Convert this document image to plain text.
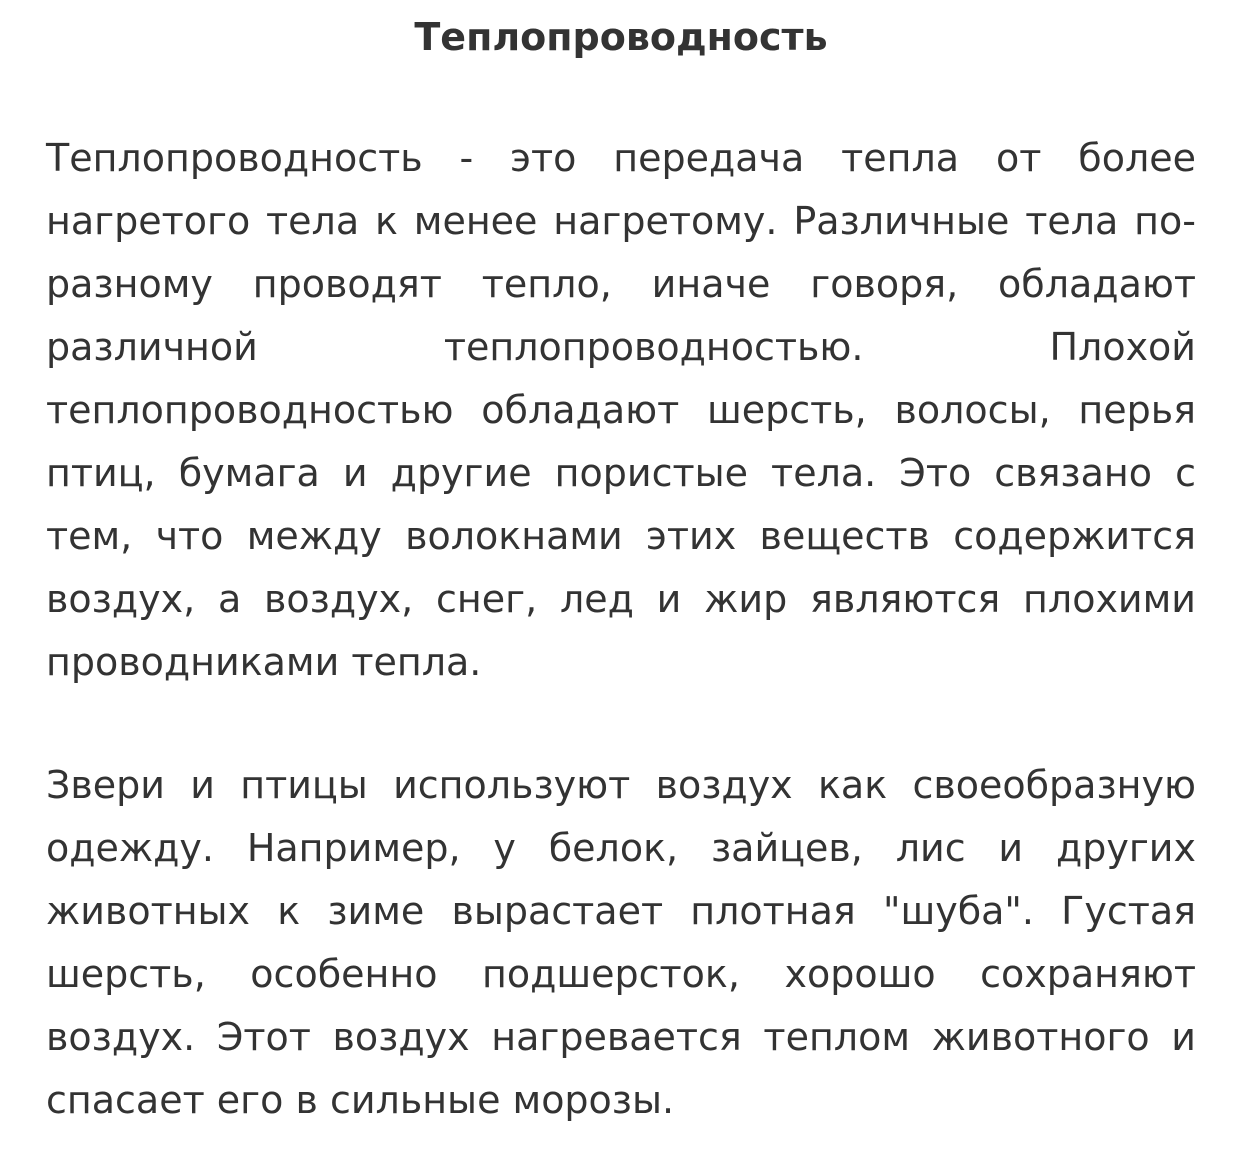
Теплопроводность

Теплопроводность - это передача тепла от более нагретого тела к менее нагретому. Различные тела по-разному проводят тепло, иначе говоря, обладают различной теплопроводностью. Плохой теплопроводностью обладают шерсть, волосы, перья птиц, бумага и другие пористые тела. Это связано с тем, что между волокнами этих веществ содержится воздух, а воздух, снег, лед и жир являются плохими проводниками тепла.

Звери и птицы используют воздух как своеобразную одежду. Например, у белок, зайцев, лис и других животных к зиме вырастает плотная "шуба". Густая шерсть, особенно подшерсток, хорошо сохраняют воздух. Этот воздух нагревается теплом животного и спасает его в сильные морозы.
